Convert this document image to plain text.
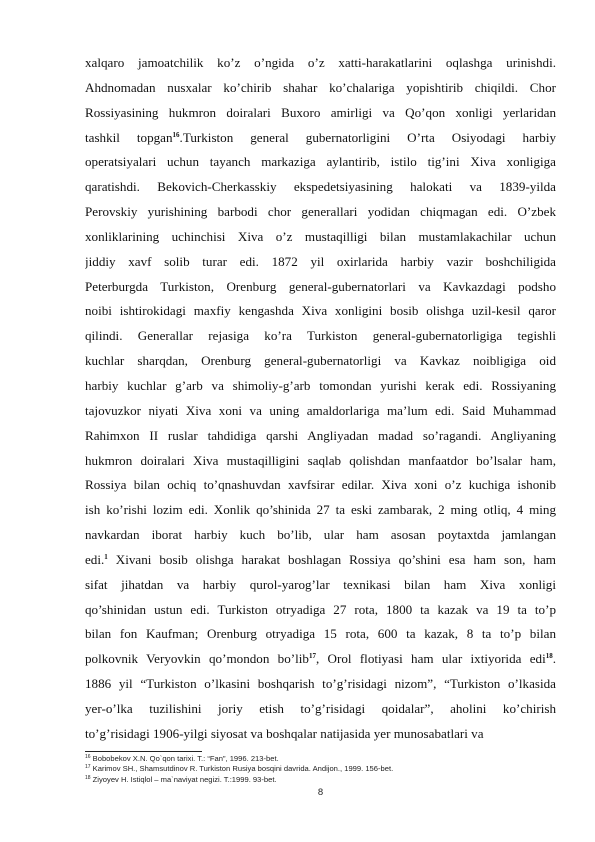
xalqaro jamoatchilik ko’z o’ngida o’z xatti-harakatlarini oqlashga urinishdi.

Ahdnomadan nusxalar ko’chirib shahar ko’chalariga yopishtirib chiqildi. Chor

Rossiyasining hukmron doiralari Buxoro amirligi va Qo’qon xonligi yerlaridan

tashkil topgan$^{16}$.Turkiston general gubernatorligini O’rta Osiyodagi harbiy

operatsiyalari uchun tayanch markaziga aylantirib, istilo tig’ini Xiva xonligiga

qaratishdi. Bekovich-Cherkasskiy ekspedetsiyasining halokati va 1839-yilda

Perovskiy yurishining barbodi chor generallari yodidan chiqmagan edi. O’zbek

xonliklarining uchinchisi Xiva o’z mustaqilligi bilan mustamlakachilar uchun

jiddiy xavf solib turar edi. 1872 yil oxirlarida harbiy vazir boshchiligida

Peterburgda Turkiston, Orenburg general-gubernatorlari va Kavkazdagi podsho

noibi ishtirokidagi maxfiy kengashda Xiva xonligini bosib olishga uzil-kesil qaror

qilindi. Generallar rejasiga ko’ra Turkiston general-gubernatorligiga tegishli

kuchlar sharqdan, Orenburg general-gubernatorligi va Kavkaz noibligiga oid

harbiy kuchlar g’arb va shimoliy-g’arb tomondan yurishi kerak edi. Rossiyaning

tajovuzkor niyati Xiva xoni va uning amaldorlariga ma’lum edi. Said Muhammad

Rahimxon II ruslar tahdidiga qarshi Angliyadan madad so’ragandi. Angliyaning

hukmron doiralari Xiva mustaqilligini saqlab qolishdan manfaatdor bo’lsalar ham,

Rossiya bilan ochiq to’qnashuvdan xavfsirar edilar. Xiva xoni o’z kuchiga ishonib

ish ko’rishi lozim edi. Xonlik qo’shinida 27 ta eski zambarak, 2 ming otliq, 4 ming

navkardan iborat harbiy kuch bo’lib, ular ham asosan poytaxtda jamlangan

edi.$^1$ Xivani bosib olishga harakat boshlagan Rossiya qo’shini esa ham son, ham

sifat jihatdan va harbiy qurol-yarog’lar texnikasi bilan ham Xiva xonligi

qo’shinidan ustun edi. Turkiston otryadiga 27 rota, 1800 ta kazak va 19 ta to’p

bilan fon Kaufman; Orenburg otryadiga 15 rota, 600 ta kazak, 8 ta to’p bilan

polkovnik Veryovkin qo’mondon bo’lib$^{17}$, Orol flotiyasi ham ular ixtiyorida edi$^{18}$.

1886 yil “Turkiston o’lkasini boshqarish to’g’risidagi nizom”, “Turkiston o’lkasida

yer-o’lka tuzilishini joriy etish to’g’risidagi qoidalar”, aholini ko’chirish

to’g’risidagi 1906-yilgi siyosat va boshqalar natijasida yer munosabatlari va

$^{16}$ Bobobekov X.N. Qo`qon tarixi. T.: “Fan”, 1996. 213-bet.
$^{17}$ Karimov SH., Shamsutdinov R. Turkiston Rusiya bosqini davrida. Andijon., 1999. 156-bet.
$^{18}$ Ziyoyev H. Istiqlol – ma`naviyat negizi. T.:1999. 93-bet.
8
